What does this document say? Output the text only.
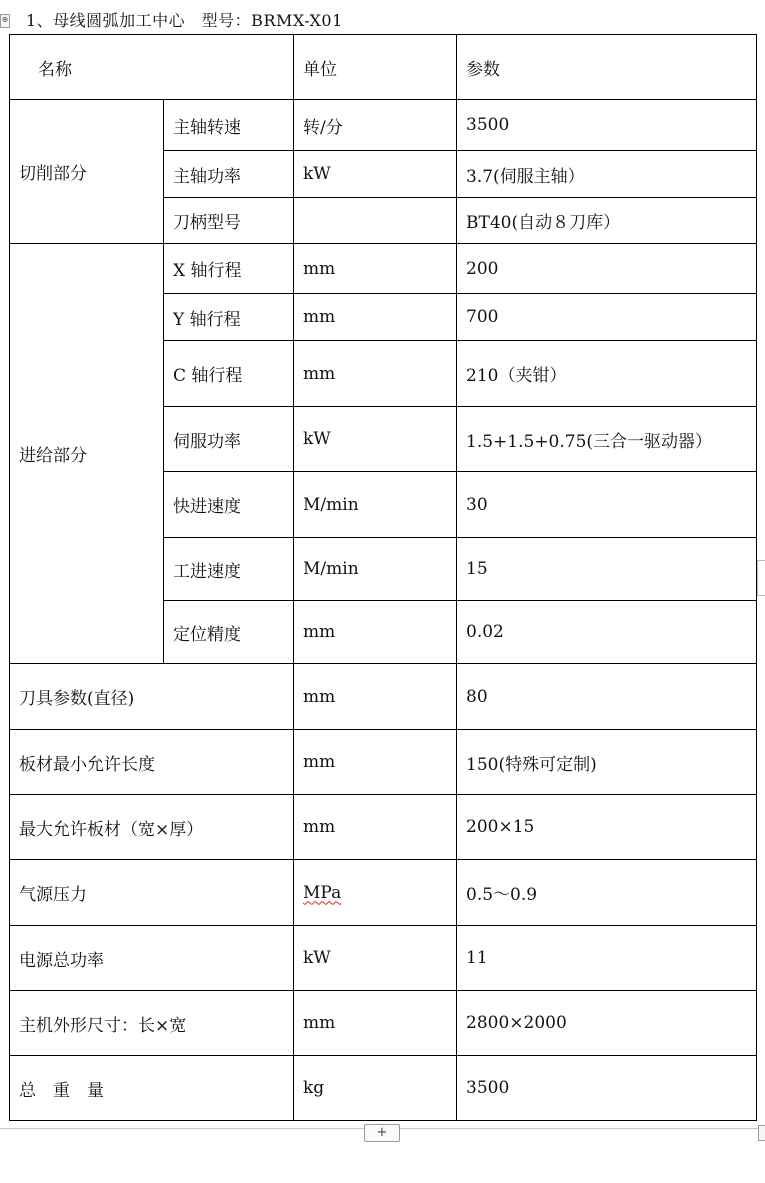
⊕ 1、母线圆弧加工中心　型号：BRMX-X01
名称		单位	参数
切削部分	主轴转速	转/分	3500
	主轴功率	kW	3.7(伺服主轴）
	刀柄型号		BT40(自动８刀库）
进给部分	X 轴行程	mm	200
	Y 轴行程	mm	700
	C 轴行程	mm	210（夹钳）
	伺服功率	kW	1.5+1.5+0.75(三合一驱动器）
	快进速度	M/min	30
	工进速度	M/min	15
	定位精度	mm	0.02
刀具参数(直径)		mm	80
板材最小允许长度		mm	150(特殊可定制)
最大允许板材（宽×厚）		mm	200×15
气源压力		MPa	0.5～0.9
电源总功率		kW	11
主机外形尺寸：长×宽		mm	2800×2000
总　重　量		kg	3500
+
